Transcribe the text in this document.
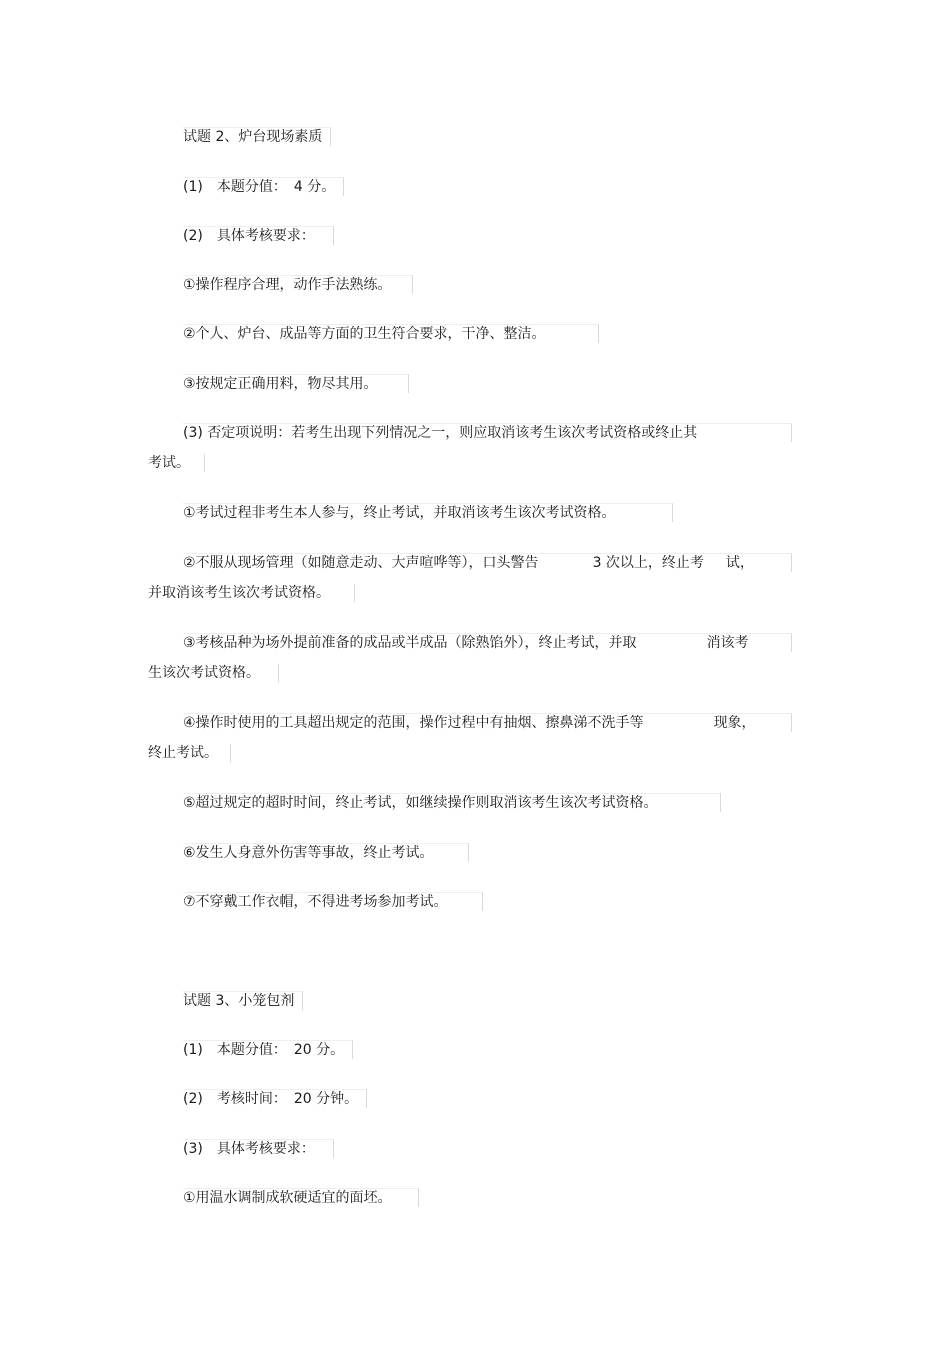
试题 2、炉台现场素质
(1)　本题分值：　4 分。
(2)　具体考核要求：
①操作程序合理，动作手法熟练。
②个人、炉台、成品等方面的卫生符合要求，干净、整洁。
③按规定正确用料，物尽其用。
(3) 否定项说明：若考生出现下列情况之一，则应取消该考生该次考试资格或终止其
考试。
①考试过程非考生本人参与，终止考试，并取消该考生该次考试资格。
②不服从现场管理（如随意走动、大声喧哗等），口头警告	3 次以上，终止考 试，
并取消该考生该次考试资格。
③考核品种为场外提前准备的成品或半成品（除熟馅外），终止考试，并取	消该考
生该次考试资格。
④操作时使用的工具超出规定的范围，操作过程中有抽烟、擦鼻涕不洗手等	现象，
终止考试。
⑤超过规定的超时时间，终止考试，如继续操作则取消该考生该次考试资格。
⑥发生人身意外伤害等事故，终止考试。
⑦不穿戴工作衣帽，不得进考场参加考试。
试题 3、小笼包剂
(1)　本题分值：　20 分。
(2)　考核时间：　20 分钟。
(3)　具体考核要求：
①用温水调制成软硬适宜的面坯。
